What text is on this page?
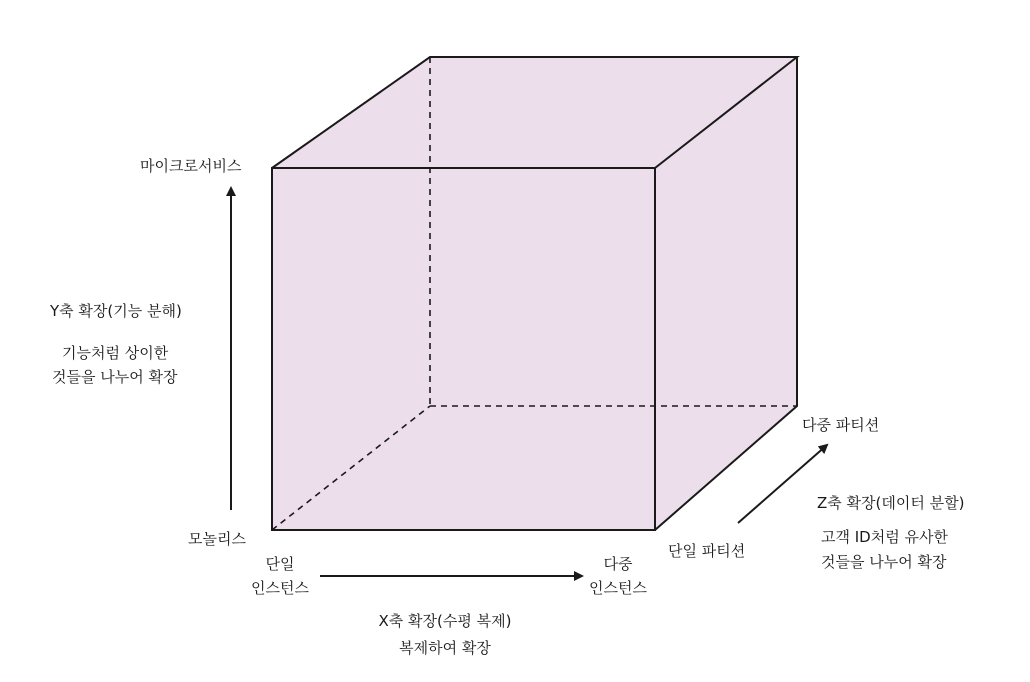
마이크로서비스
모놀리스
Y축 확장(기능 분해)
기능처럼 상이한
것들을 나누어 확장
단일
인스턴스
다중
인스턴스
X축 확장(수평 복제)
복제하여 확장
단일 파티션
다중 파티션
Z축 확장(데이터 분할)
고객 ID처럼 유사한
것들을 나누어 확장
